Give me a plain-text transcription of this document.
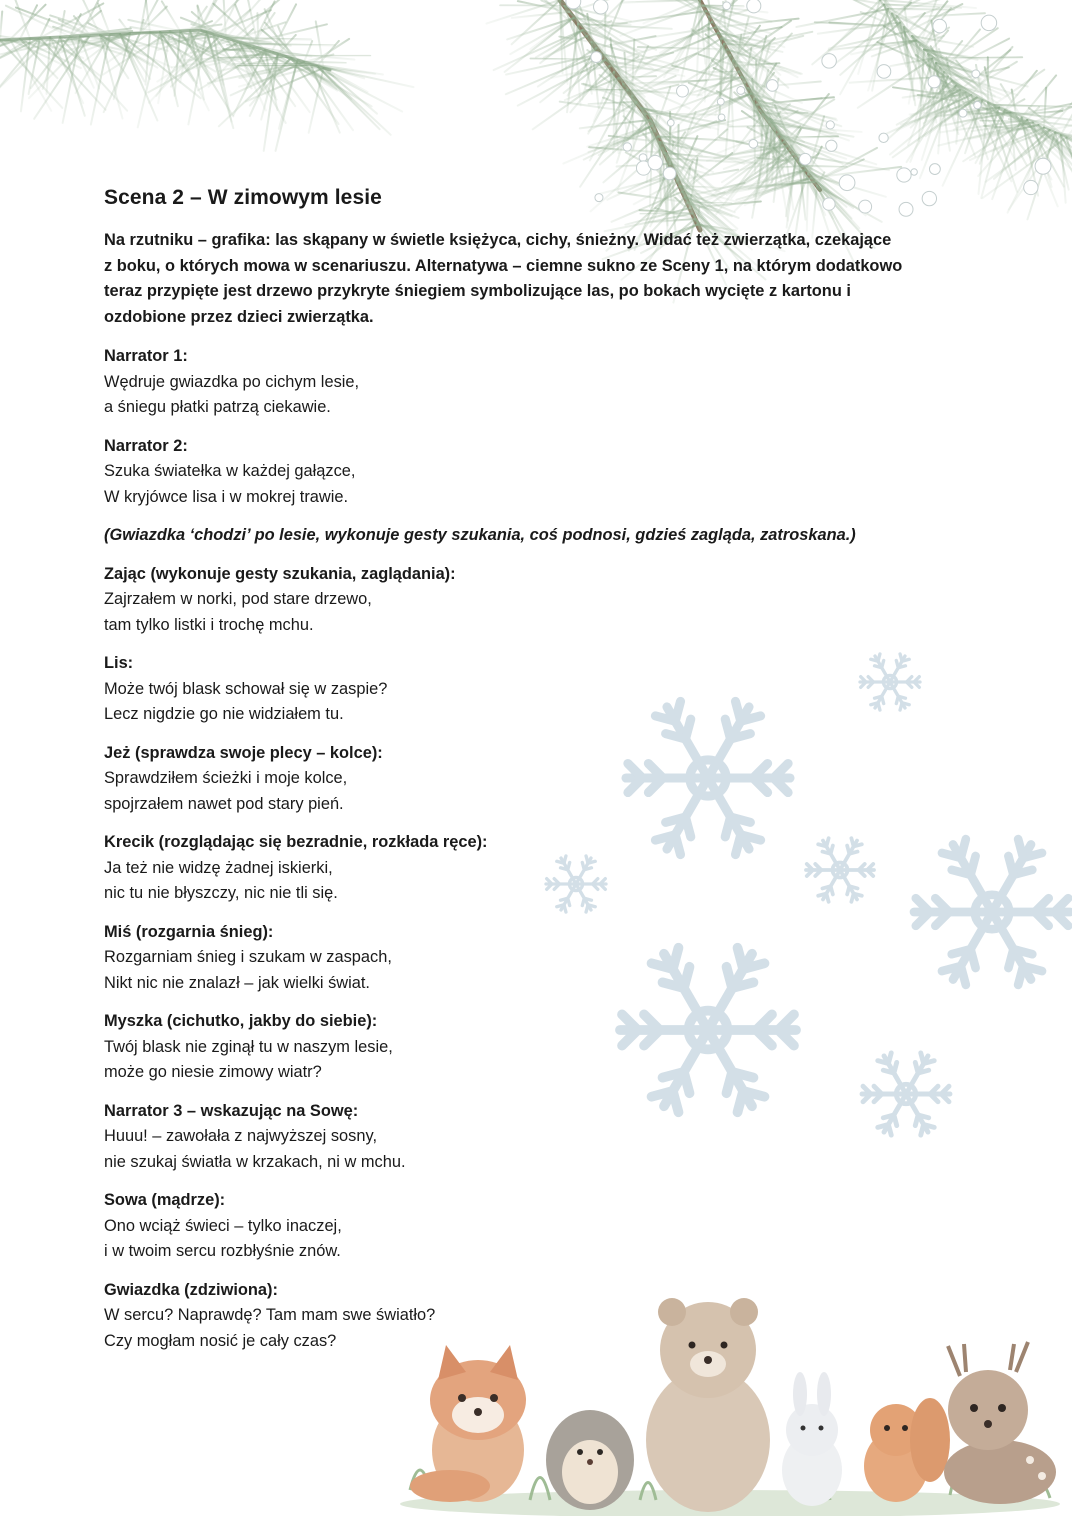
Scena 2 – W zimowym lesie

Na rzutniku – grafika: las skąpany w świetle księżyca, cichy, śnieżny. Widać też zwierzątka, czekające z boku, o których mowa w scenariuszu. Alternatywa – ciemne sukno ze Sceny 1, na którym dodatkowo teraz przypięte jest drzewo przykryte śniegiem symbolizujące las, po bokach wycięte z kartonu i ozdobione przez dzieci zwierzątka.

Narrator 1:
Wędruje gwiazdka po cichym lesie,
a śniegu płatki patrzą ciekawie.
Narrator 2:
Szuka światełka w każdej gałązce,
W kryjówce lisa i w mokrej trawie.

(Gwiazdka ‘chodzi’ po lesie, wykonuje gesty szukania, coś podnosi, gdzieś zagląda, zatroskana.)

Zając (wykonuje gesty szukania, zaglądania):
Zajrzałem w norki, pod stare drzewo,
tam tylko listki i trochę mchu.
Lis:
Może twój blask schował się w zaspie?
Lecz nigdzie go nie widziałem tu.
Jeż (sprawdza swoje plecy – kolce):
Sprawdziłem ścieżki i moje kolce,
spojrzałem nawet pod stary pień.
Krecik (rozglądając się bezradnie, rozkłada ręce):
Ja też nie widzę żadnej iskierki,
nic tu nie błyszczy, nic nie tli się.
Miś (rozgarnia śnieg):
Rozgarniam śnieg i szukam w zaspach,
Nikt nic nie znalazł – jak wielki świat.
Myszka (cichutko, jakby do siebie):
Twój blask nie zginął tu w naszym lesie,
może go niesie zimowy wiatr?
Narrator 3 – wskazując na Sowę:
Huuu! – zawołała z najwyższej sosny,
nie szukaj światła w krzakach, ni w mchu.
Sowa (mądrze):
Ono wciąż świeci – tylko inaczej,
i w twoim sercu rozbłyśnie znów.
Gwiazdka (zdziwiona):
W sercu? Naprawdę? Tam mam swe światło?
Czy mogłam nosić je cały czas?
